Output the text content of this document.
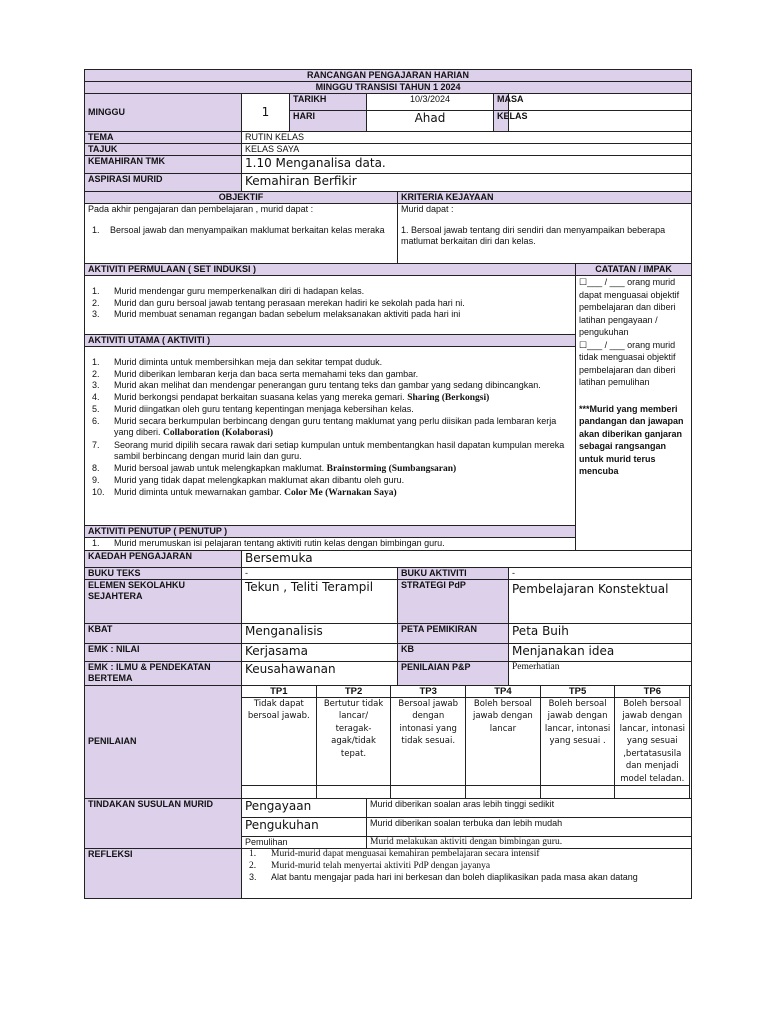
RANCANGAN PENGAJARAN HARIAN
MINGGU TRANSISI TAHUN 1 2024
MINGGU	1	TARIKH	10/3/2024	MASA	
HARI	Ahad	KELAS	
TEMA	RUTIN KELAS
TAJUK	KELAS SAYA
KEMAHIRAN TMK	1.10 Menganalisa data.
ASPIRASI MURID	Kemahiran Berfikir
OBJEKTIF	KRITERIA KEJAYAAN

Pada akhir pengajaran dan pembelajaran , murid dapat :
1. Bersoal jawab dan menyampaikan maklumat berkaitan kelas meraka

Murid dapat :
1. Bersoal jawab tentang diri sendiri dan menyampaikan beberapa matlumat berkaitan diri dan kelas.

AKTIVITI PERMULAAN ( SET INDUKSI )	CATATAN / IMPAK

1. Murid mendengar guru memperkenalkan diri di hadapan kelas.
2. Murid dan guru bersoal jawab tentang perasaan merekan hadiri ke sekolah pada hari ni.
3. Murid membuat senaman regangan badan sebelum melaksanakan aktiviti pada hari ini

☐___ / ___ orang murid dapat menguasai objektif pembelajaran dan diberi latihan pengayaan / pengukuhan
☐___ / ___ orang murid tidak menguasai objektif pembelajaran dan diberi latihan pemulihan
***Murid yang memberi pandangan dan jawapan akan diberikan ganjaran sebagai rangsangan untuk murid terus mencuba

AKTIVITI UTAMA ( AKTIVITI )

1. Murid diminta untuk membersihkan meja dan sekitar tempat duduk.
2. Murid diberikan lembaran kerja dan baca serta memahami teks dan gambar.
3. Murid akan melihat dan mendengar penerangan guru tentang teks dan gambar yang sedang dibincangkan.
4. Murid berkongsi pendapat berkaitan suasana kelas yang mereka gemari. Sharing (Berkongsi)
5. Murid diingatkan oleh guru tentang kepentingan menjaga kebersihan kelas.
6. Murid secara berkumpulan berbincang dengan guru tentang maklumat yang perlu diisikan pada lembaran kerja yang diberi. Collaboration (Kolaborasi)
7. Seorang murid dipilih secara rawak dari setiap kumpulan untuk membentangkan hasil dapatan kumpulan mereka sambil berbincang dengan murid lain dan guru.
8. Murid bersoal jawab untuk melengkapkan maklumat. Brainstorming (Sumbangsaran)
9. Murid yang tidak dapat melengkapkan maklumat akan dibantu oleh guru.
10. Murid diminta untuk mewarnakan gambar. Color Me (Warnakan Saya)

AKTIVITI PENUTUP ( PENUTUP )

1. Murid merumuskan isi pelajaran tentang aktiviti rutin kelas dengan bimbingan guru.

KAEDAH PENGAJARAN	Bersemuka
BUKU TEKS	-	BUKU AKTIVITI	-
ELEMEN SEKOLAHKU SEJAHTERA	Tekun , Teliti Terampil	STRATEGI PdP	Pembelajaran Konstektual
KBAT	Menganalisis	PETA PEMIKIRAN	Peta Buih
EMK : NILAI	Kerjasama	KB	Menjanakan idea
EMK : ILMU & PENDEKATAN BERTEMA	Keusahawanan	PENILAIAN P&P	Pemerhatian
PENILAIAN	
TP1	TP2	TP3	TP4	TP5	TP6
Tidak dapat bersoal jawab.	Bertutur tidak lancar/ teragak-agak/tidak tepat.	Bersoal jawab dengan intonasi yang tidak sesuai.	Boleh bersoal jawab dengan lancar	Boleh bersoal jawab dengan lancar, intonasi yang sesuai .	Boleh bersoal jawab dengan lancar, intonasi yang sesuai ,bertatasusila dan menjadi model teladan.

TINDAKAN SUSULAN MURID	Pengayaan	Murid diberikan soalan aras lebih tinggi sedikit
Pengukuhan	Murid diberikan soalan terbuka dan lebih mudah
Pemulihan	Murid melakukan aktiviti dengan bimbingan guru.
REFLEKSI	1. Murid-murid dapat menguasai kemahiran pembelajaran secara intensif
2. Murid-murid telah menyertai aktiviti PdP dengan jayanya
3. Alat bantu mengajar pada hari ini berkesan dan boleh diaplikasikan pada masa akan datang
